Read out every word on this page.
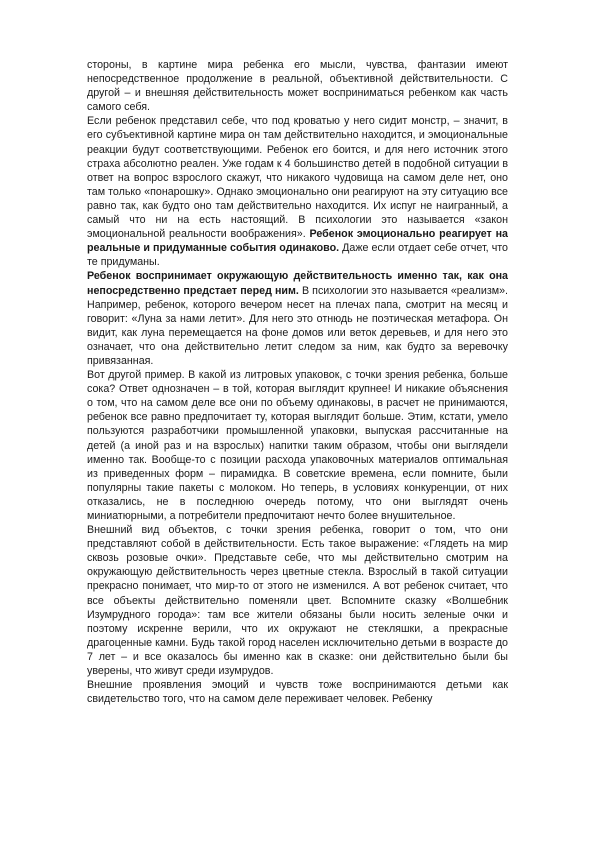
стороны, в картине мира ребенка его мысли, чувства, фантазии имеют непосредственное продолжение в реальной, объективной действительности. С другой – и внешняя действительность может восприниматься ребенком как часть самого себя.

Если ребенок представил себе, что под кроватью у него сидит монстр, – значит, в его субъективной картине мира он там действительно находится, и эмоциональные реакции будут соответствующими. Ребенок его боится, и для него источник этого страха абсолютно реален. Уже годам к 4 большинство детей в подобной ситуации в ответ на вопрос взрослого скажут, что никакого чудовища на самом деле нет, оно там только «понарошку». Однако эмоционально они реагируют на эту ситуацию все равно так, как будто оно там действительно находится. Их испуг не наигранный, а самый что ни на есть настоящий. В психологии это называется «закон эмоциональной реальности воображения». Ребенок эмоционально реагирует на реальные и придуманные события одинаково. Даже если отдает себе отчет, что те придуманы.

Ребенок воспринимает окружающую действительность именно так, как она непосредственно предстает перед ним. В психологии это называется «реализм». Например, ребенок, которого вечером несет на плечах папа, смотрит на месяц и говорит: «Луна за нами летит». Для него это отнюдь не поэтическая метафора. Он видит, как луна перемещается на фоне домов или веток деревьев, и для него это означает, что она действительно летит следом за ним, как будто за веревочку привязанная.

Вот другой пример. В какой из литровых упаковок, с точки зрения ребенка, больше сока? Ответ однозначен – в той, которая выглядит крупнее! И никакие объяснения о том, что на самом деле все они по объему одинаковы, в расчет не принимаются, ребенок все равно предпочитает ту, которая выглядит больше. Этим, кстати, умело пользуются разработчики промышленной упаковки, выпуская рассчитанные на детей (а иной раз и на взрослых) напитки таким образом, чтобы они выглядели именно так. Вообще-то с позиции расхода упаковочных материалов оптимальная из приведенных форм – пирамидка. В советские времена, если помните, были популярны такие пакеты с молоком. Но теперь, в условиях конкуренции, от них отказались, не в последнюю очередь потому, что они выглядят очень миниатюрными, а потребители предпочитают нечто более внушительное.

Внешний вид объектов, с точки зрения ребенка, говорит о том, что они представляют собой в действительности. Есть такое выражение: «Глядеть на мир сквозь розовые очки». Представьте себе, что мы действительно смотрим на окружающую действительность через цветные стекла. Взрослый в такой ситуации прекрасно понимает, что мир-то от этого не изменился. А вот ребенок считает, что все объекты действительно поменяли цвет. Вспомните сказку «Волшебник Изумрудного города»: там все жители обязаны были носить зеленые очки и поэтому искренне верили, что их окружают не стекляшки, а прекрасные драгоценные камни. Будь такой город населен исключительно детьми в возрасте до 7 лет – и все оказалось бы именно как в сказке: они действительно были бы уверены, что живут среди изумрудов.

Внешние проявления эмоций и чувств тоже воспринимаются детьми как свидетельство того, что на самом деле переживает человек. Ребенку
